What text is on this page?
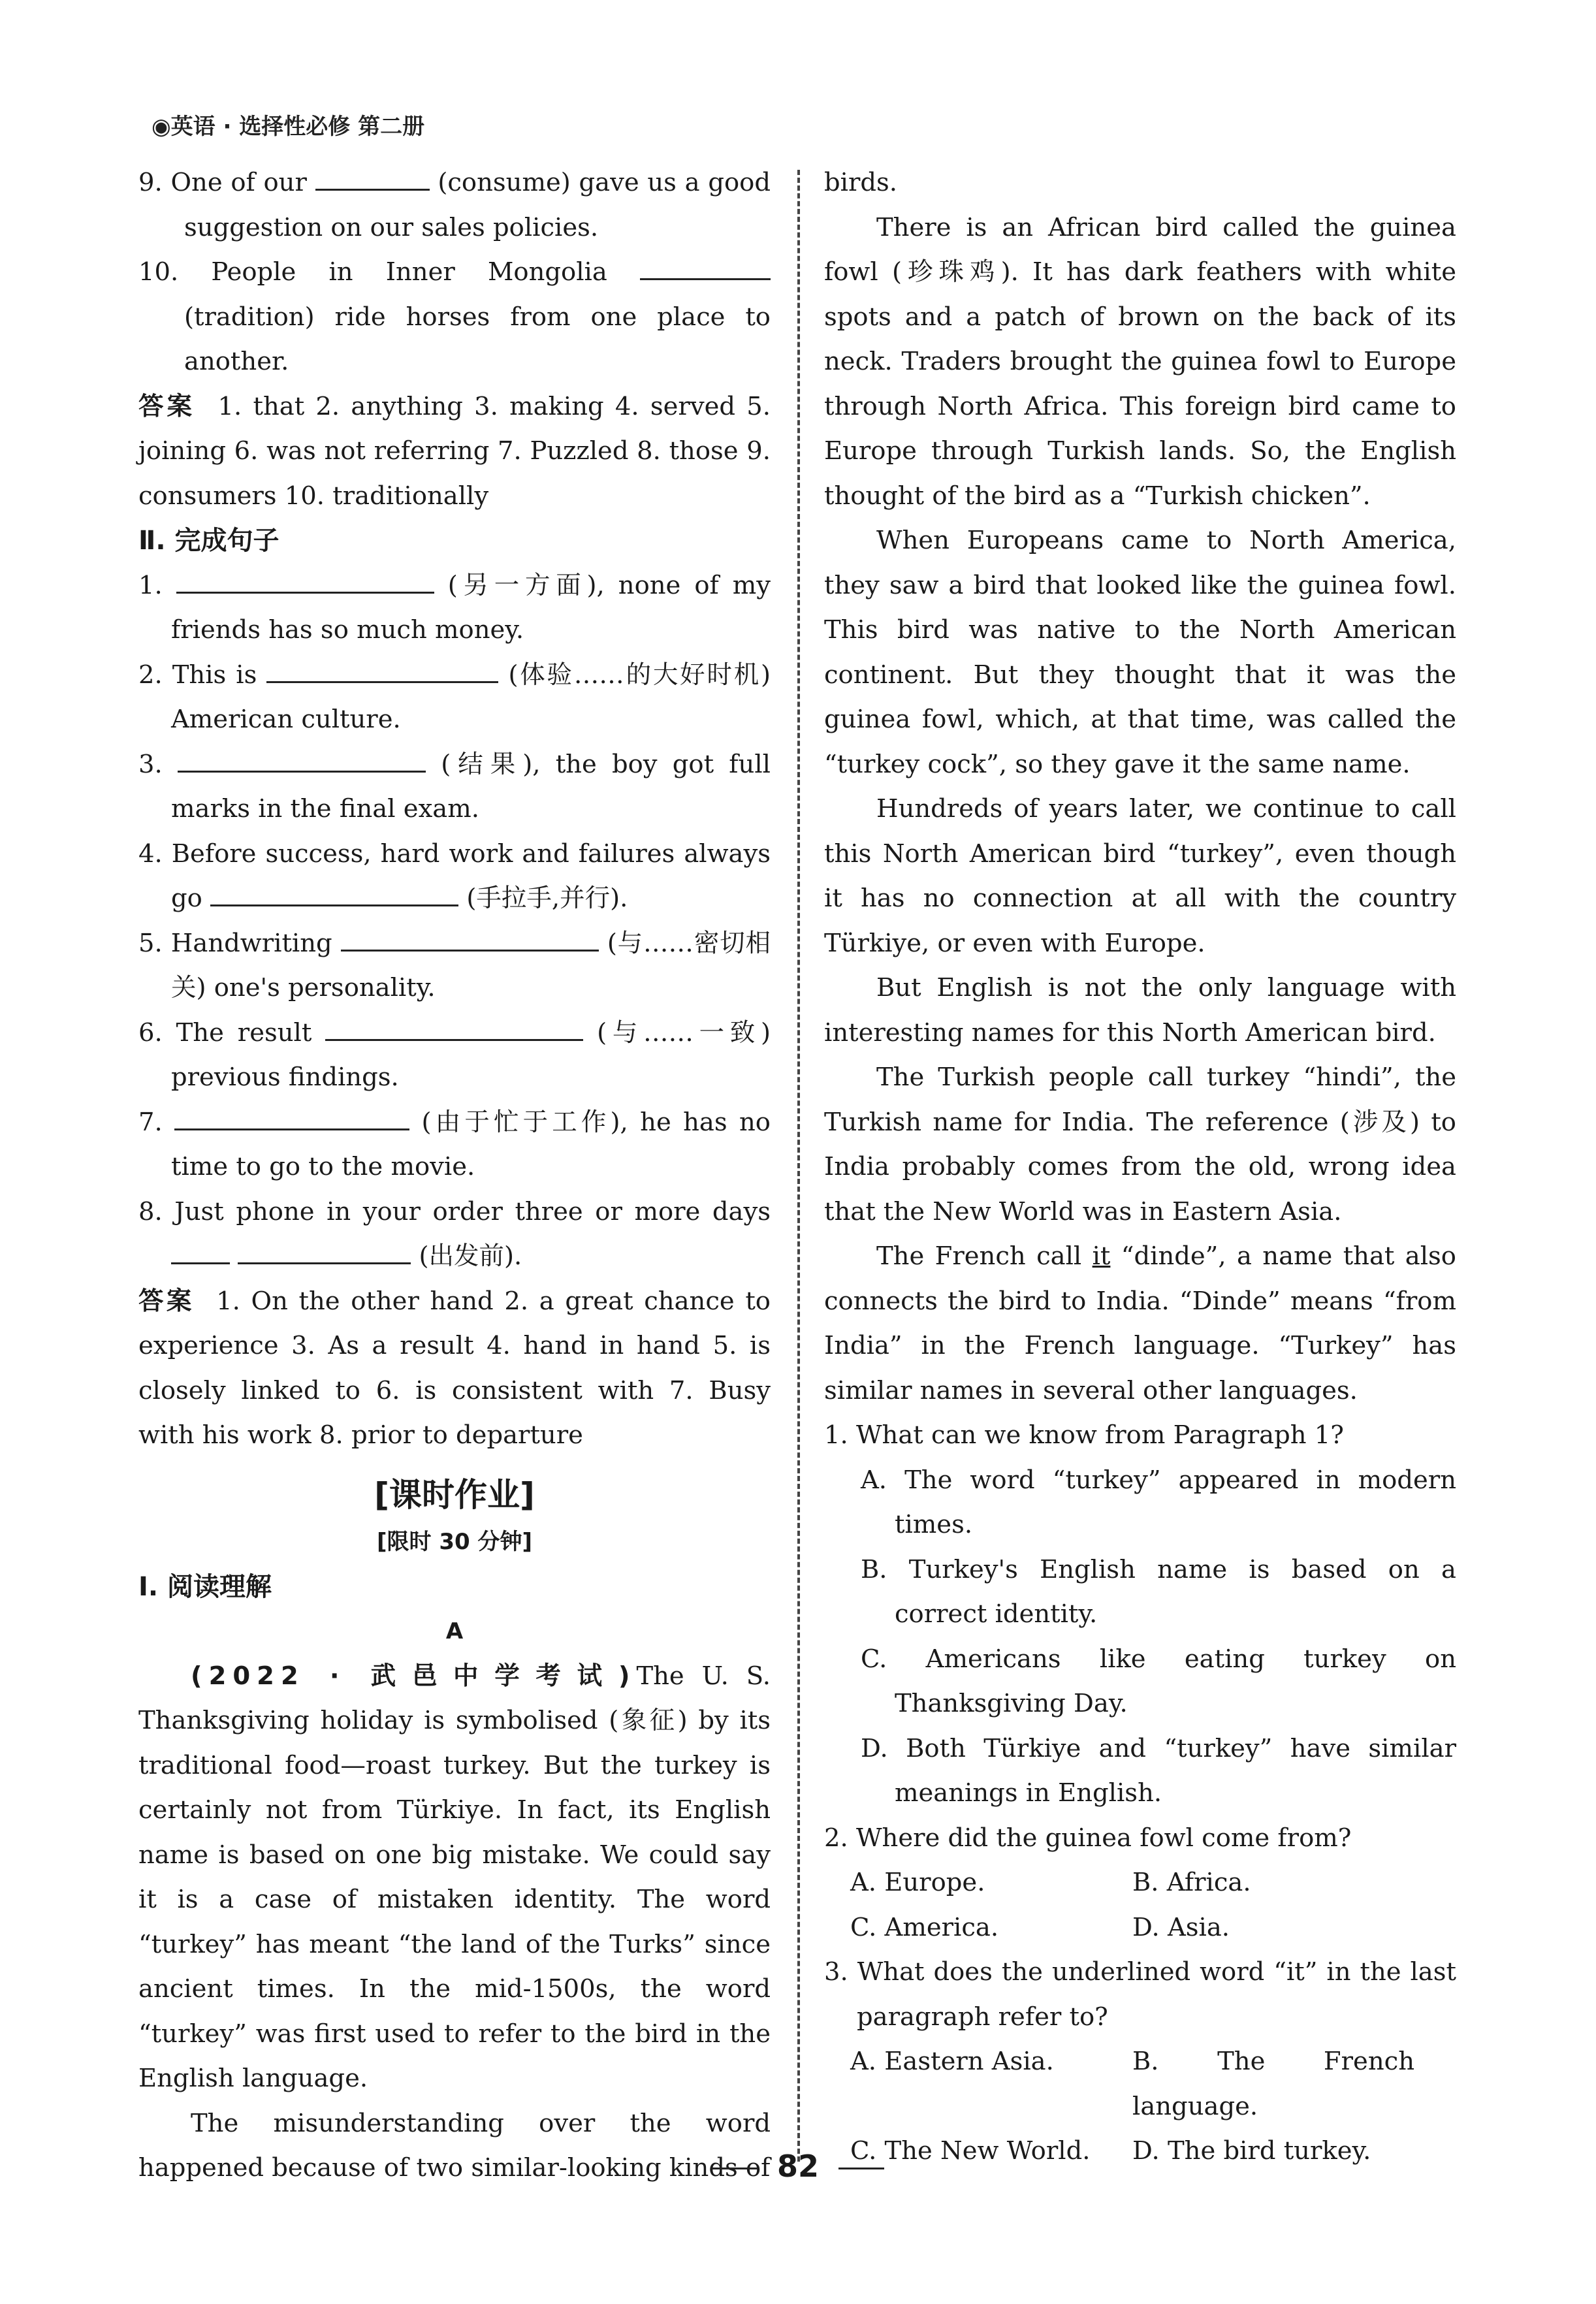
◉英语 · 选择性必修 第二册

9. One of our	(consume) gave us a good suggestion on our sales policies.

10. People in Inner Mongolia  (tradition) ride horses from one place to another.

答案 1. that 2. anything 3. making 4. served 5. joining 6. was not referring 7. Puzzled 8. those 9. consumers 10. traditionally

Ⅱ. 完成句子

1.	(另一方面), none of my friends has so much money.

2. This is	(体验……的大好时机) American culture.

3.	(结果), the boy got full marks in the final exam.

4. Before success, hard work and failures always go	(手拉手,并行).

5. Handwriting	(与……密切相关) one's personality.

6. The result	(与……一致) previous findings.

7.	(由于忙于工作), he has no time to go to the movie.

8. Just phone in your order three or more days   (出发前).

答案 1. On the other hand 2. a great chance to experience 3. As a result 4. hand in hand 5. is closely linked to 6. is consistent with 7. Busy with his work 8. prior to departure

[课时作业]

[限时 30 分钟]

Ⅰ. 阅读理解

A

(2022 · 武邑中学考试)The U. S. Thanksgiving holiday is symbolised (象征) by its traditional food—roast turkey. But the turkey is certainly not from Türkiye. In fact, its English name is based on one big mistake. We could say it is a case of mistaken identity. The word “turkey” has meant “the land of the Turks” since ancient times. In the mid-1500s, the word “turkey” was first used to refer to the bird in the English language.

The misunderstanding over the word happened because of two similar-looking kinds of

birds.

There is an African bird called the guinea fowl (珍珠鸡). It has dark feathers with white spots and a patch of brown on the back of its neck. Traders brought the guinea fowl to Europe through North Africa. This foreign bird came to Europe through Turkish lands. So, the English thought of the bird as a “Turkish chicken”.

When Europeans came to North America, they saw a bird that looked like the guinea fowl. This bird was native to the North American continent. But they thought that it was the guinea fowl, which, at that time, was called the “turkey cock”, so they gave it the same name.

Hundreds of years later, we continue to call this North American bird “turkey”, even though it has no connection at all with the country Türkiye, or even with Europe.

But English is not the only language with interesting names for this North American bird.

The Turkish people call turkey “hindi”, the Turkish name for India. The reference (涉及) to India probably comes from the old, wrong idea that the New World was in Eastern Asia.

The French call it “dinde”, a name that also connects the bird to India. “Dinde” means “from India” in the French language. “Turkey” has similar names in several other languages.

1. What can we know from Paragraph 1?

A. The word “turkey” appeared in modern times.

B. Turkey's English name is based on a correct identity.

C. Americans like eating turkey on Thanksgiving Day.

D. Both Türkiye and “turkey” have similar meanings in English.

2. Where did the guinea fowl come from?

A. Europe.	B. Africa.
C. America.	D. Asia.

3. What does the underlined word “it” in the last paragraph refer to?

A. Eastern Asia.	B. The French language.
C. The New World.	D. The bird turkey.
82
